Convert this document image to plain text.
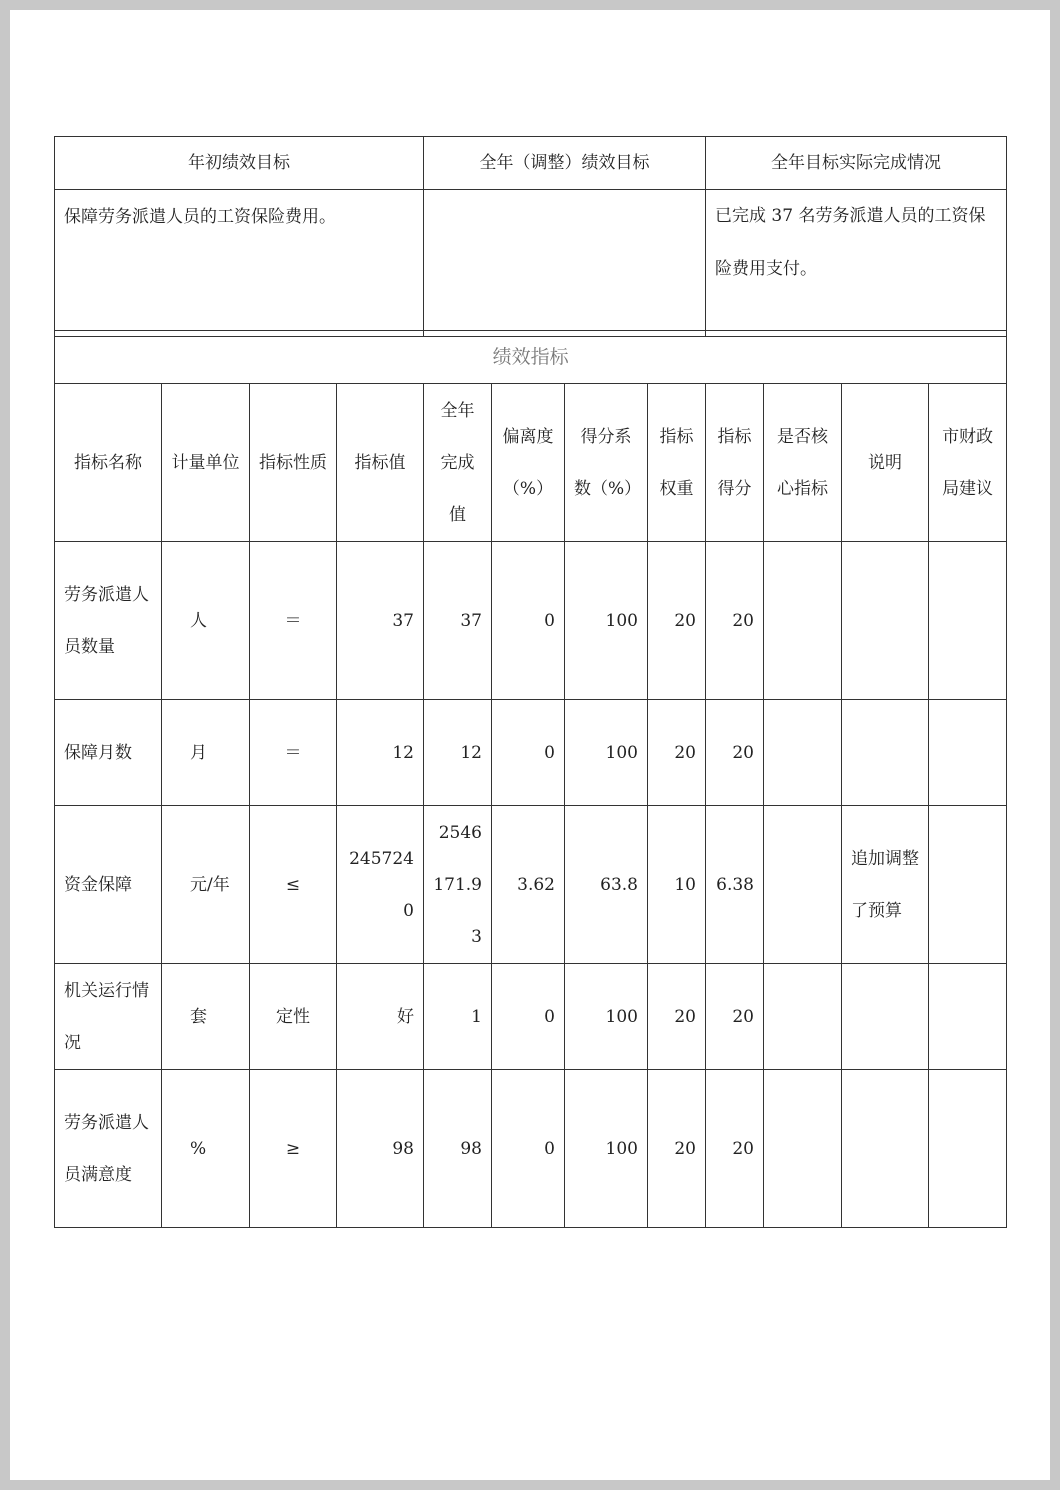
年初绩效目标	全年（调整）绩效目标	全年目标实际完成情况
保障劳务派遣人员的工资保险费用。		已完成 37 名劳务派遣人员的工资保险费用支付。
绩效指标											
指标名称	计量单位	指标性质	指标值	全年完成值	偏离度（%）	得分系数（%）	指标权重	指标得分	是否核心指标	说明	市财政局建议
劳务派遣人员数量	人	＝	37	37	0	100	20	20			
保障月数	月	＝	12	12	0	100	20	20			
资金保障	元/年	≤	2457240	2546171.93	3.62	63.8	10	6.38		追加调整了预算	
机关运行情况	套	定性	好	1	0	100	20	20			
劳务派遣人员满意度	%	≥	98	98	0	100	20	20			
